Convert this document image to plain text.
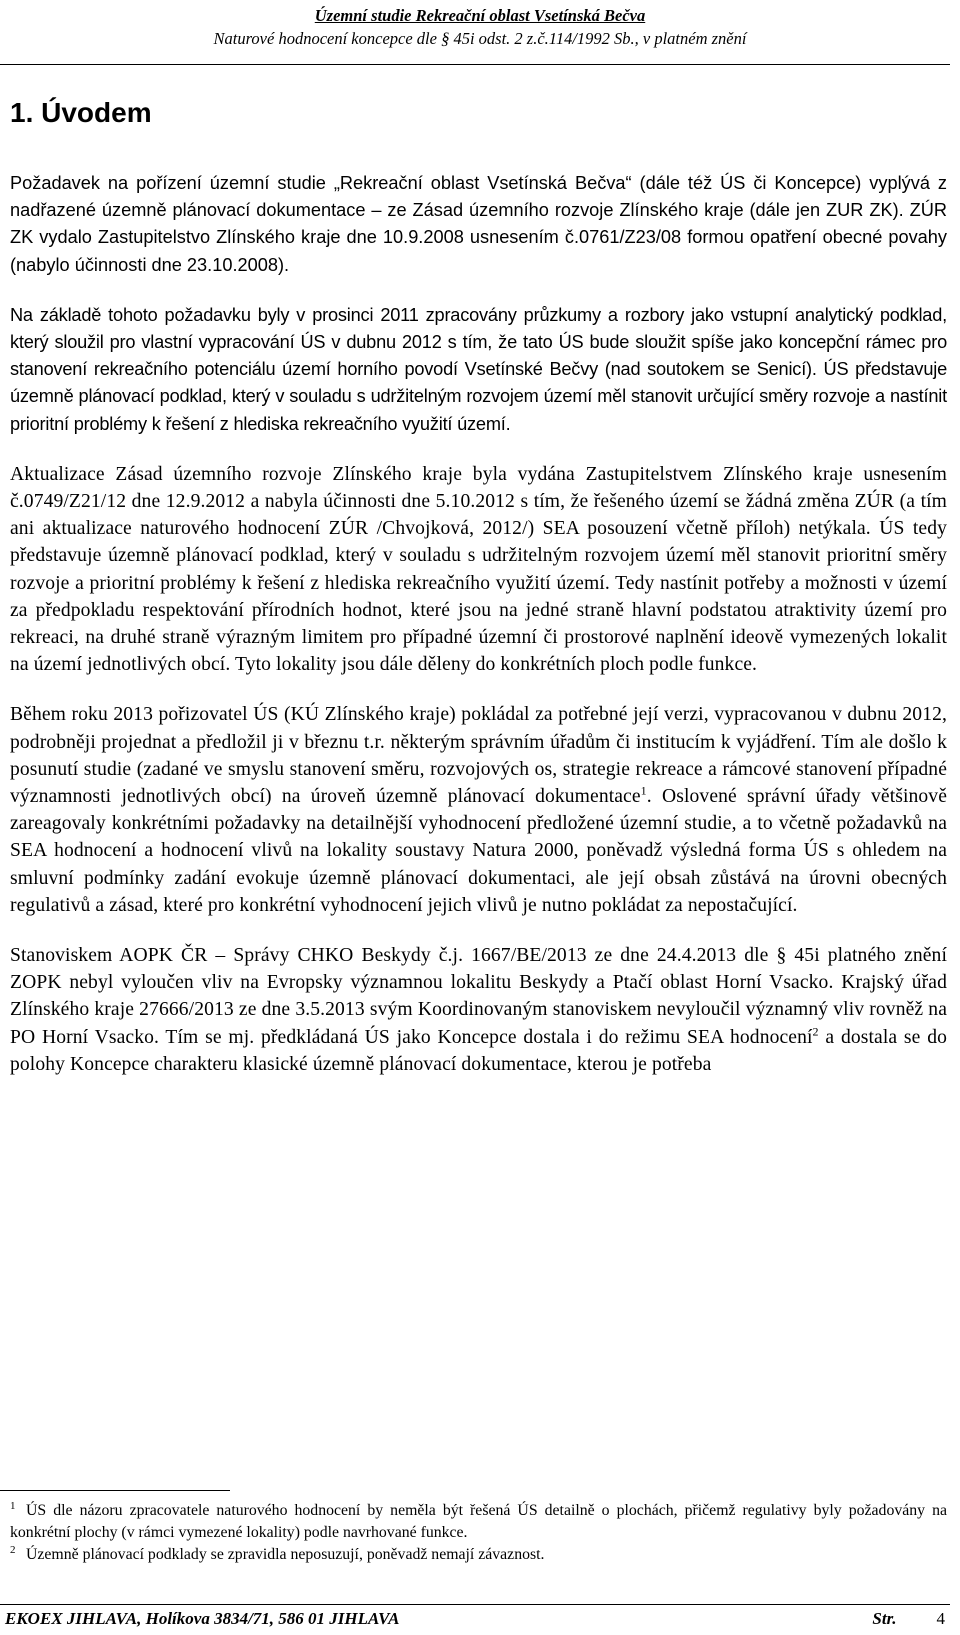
Územní studie Rekreační oblast Vsetínská Bečva
Naturové hodnocení koncepce dle § 45i odst. 2 z.č.114/1992 Sb., v platném znění
1. Úvodem

Požadavek na pořízení územní studie „Rekreační oblast Vsetínská Bečva“ (dále též ÚS či Koncepce) vyplývá z nadřazené územně plánovací dokumentace – ze Zásad územního rozvoje Zlínského kraje (dále jen ZUR ZK). ZÚR ZK vydalo Zastupitelstvo Zlínského kraje dne 10.9.2008 usnesením č.0761/Z23/08 formou opatření obecné povahy (nabylo účinnosti dne 23.10.2008).

Na základě tohoto požadavku byly v prosinci 2011 zpracovány průzkumy a rozbory jako vstupní analytický podklad, který sloužil pro vlastní vypracování ÚS v dubnu 2012 s tím, že tato ÚS bude sloužit spíše jako koncepční rámec pro stanovení rekreačního potenciálu území horního povodí Vsetínské Bečvy (nad soutokem se Senicí). ÚS představuje územně plánovací podklad, který v souladu s udržitelným rozvojem území měl stanovit určující směry rozvoje a nastínit prioritní problémy k řešení z hlediska rekreačního využití území.

Aktualizace Zásad územního rozvoje Zlínského kraje byla vydána Zastupitelstvem Zlínského kraje usnesením č.0749/Z21/12 dne 12.9.2012 a nabyla účinnosti dne 5.10.2012 s tím, že řešeného území se žádná změna ZÚR (a tím ani aktualizace naturového hodnocení ZÚR /Chvojková, 2012/) SEA posouzení včetně příloh) netýkala. ÚS tedy představuje územně plánovací podklad, který v souladu s udržitelným rozvojem území měl stanovit prioritní směry rozvoje a prioritní problémy k řešení z hlediska rekreačního využití území. Tedy nastínit potřeby a možnosti v území za předpokladu respektování přírodních hodnot, které jsou na jedné straně hlavní podstatou atraktivity území pro rekreaci, na druhé straně výrazným limitem pro případné územní či prostorové naplnění ideově vymezených lokalit na území jednotlivých obcí. Tyto lokality jsou dále děleny do konkrétních ploch podle funkce.

Během roku 2013 pořizovatel ÚS (KÚ Zlínského kraje) pokládal za potřebné její verzi, vypracovanou v dubnu 2012, podrobněji projednat a předložil ji v březnu t.r. některým správním úřadům či institucím k vyjádření. Tím ale došlo k posunutí studie (zadané ve smyslu stanovení směru, rozvojových os, strategie rekreace a rámcové stanovení případné významnosti jednotlivých obcí) na úroveň územně plánovací dokumentace$^1$. Oslovené správní úřady většinově zareagovaly konkrétními požadavky na detailnější vyhodnocení předložené územní studie, a to včetně požadavků na SEA hodnocení a hodnocení vlivů na lokality soustavy Natura 2000, poněvadž výsledná forma ÚS s ohledem na smluvní podmínky zadání evokuje územně plánovací dokumentaci, ale její obsah zůstává na úrovni obecných regulativů a zásad, které pro konkrétní vyhodnocení jejich vlivů je nutno pokládat za nepostačující.

Stanoviskem AOPK ČR – Správy CHKO Beskydy č.j. 1667/BE/2013 ze dne 24.4.2013 dle § 45i platného znění ZOPK nebyl vyloučen vliv na Evropsky významnou lokalitu Beskydy a Ptačí oblast Horní Vsacko. Krajský úřad Zlínského kraje 27666/2013 ze dne 3.5.2013 svým Koordinovaným stanoviskem nevyloučil významný vliv rovněž na PO Horní Vsacko. Tím se mj. předkládaná ÚS jako Koncepce dostala i do režimu SEA hodnocení$^2$ a dostala se do polohy Koncepce charakteru klasické územně plánovací dokumentace, kterou je potřeba

1 ÚS dle názoru zpracovatele naturového hodnocení by neměla být řešená ÚS detailně o plochách, přičemž regulativy byly požadovány na konkrétní plochy (v rámci vymezené lokality) podle navrhované funkce.

2 Územně plánovací podklady se zpravidla neposuzují, poněvadž nemají závaznost.

EKOEX JIHLAVA, Holíkova 3834/71, 586 01 JIHLAVA	Str. 4
